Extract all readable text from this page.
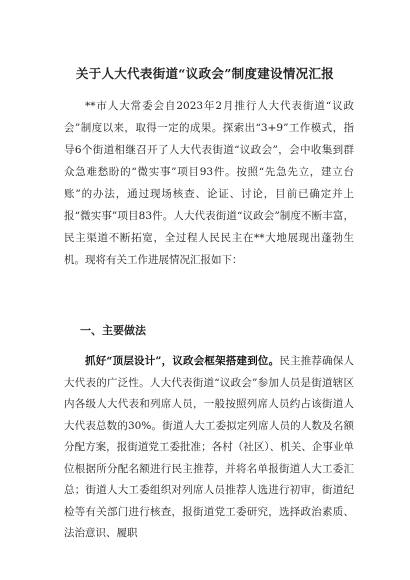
关于人大代表街道“议政会”制度建设情况汇报

**市人大常委会自2023年2月推行人大代表街道“议政会”制度以来，取得一定的成果。探索出“3+9”工作模式，指导6个街道相继召开了人大代表街道“议政会”，会中收集到群众急难愁盼的“微实事”项目93件。按照“先急先立，建立台账”的办法，通过现场核查、论证、讨论，目前已确定并上报“微实事”项目83件。人大代表街道“议政会”制度不断丰富，民主渠道不断拓宽，全过程人民民主在**大地展现出蓬勃生机。现将有关工作进展情况汇报如下：

一、主要做法

抓好“顶层设计”，议政会框架搭建到位。民主推荐确保人大代表的广泛性。人大代表街道“议政会”参加人员是街道辖区内各级人大代表和列席人员，一般按照列席人员约占该街道人大代表总数的30%。街道人大工委拟定列席人员的人数及名额分配方案，报街道党工委批准；各村（社区）、机关、企事业单位根据所分配名额进行民主推荐，并将名单报街道人大工委汇总；街道人大工委组织对列席人员推荐人选进行初审，街道纪检等有关部门进行核查，报街道党工委研究，选择政治素质、法治意识、履职
